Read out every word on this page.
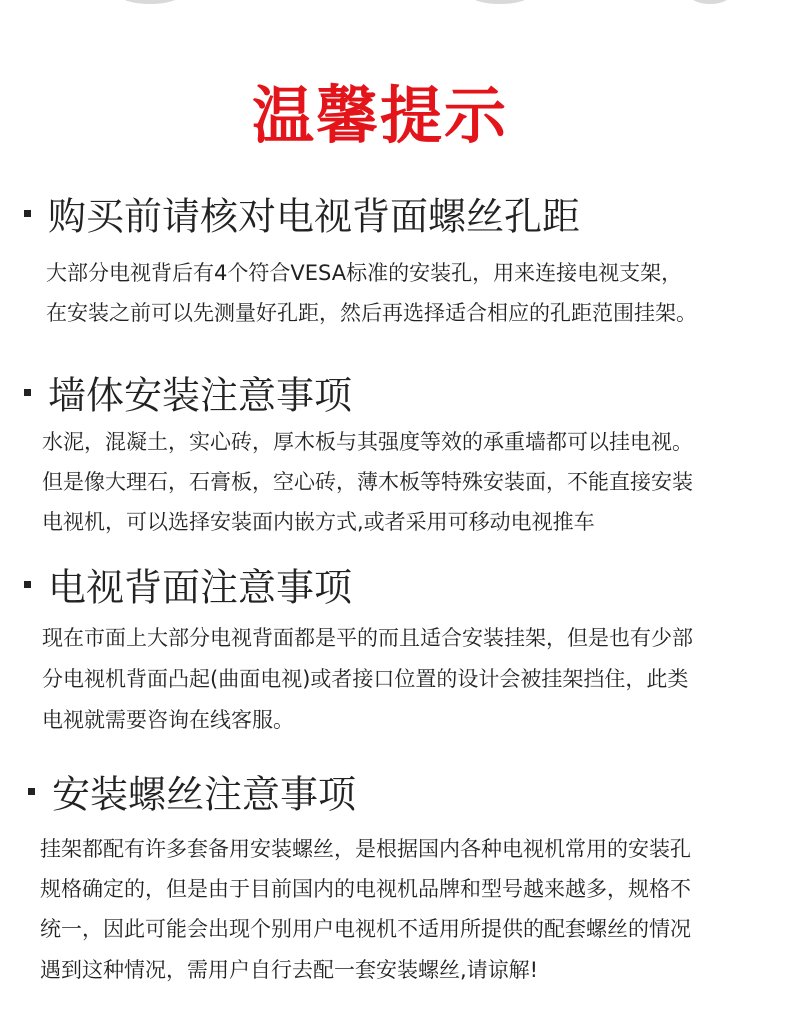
温馨提示
购买前请核对电视背面螺丝孔距
大部分电视背后有4个符合VESA标准的安装孔，用来连接电视支架，
在安装之前可以先测量好孔距，然后再选择适合相应的孔距范围挂架。
墙体安装注意事项
水泥，混凝土，实心砖，厚木板与其强度等效的承重墙都可以挂电视。
但是像大理石，石膏板，空心砖，薄木板等特殊安装面，不能直接安装
电视机，可以选择安装面内嵌方式,或者采用可移动电视推车
电视背面注意事项
现在市面上大部分电视背面都是平的而且适合安装挂架，但是也有少部
分电视机背面凸起(曲面电视)或者接口位置的设计会被挂架挡住，此类
电视就需要咨询在线客服。
安装螺丝注意事项
挂架都配有许多套备用安装螺丝，是根据国内各种电视机常用的安装孔
规格确定的，但是由于目前国内的电视机品牌和型号越来越多，规格不
统一，因此可能会出现个别用户电视机不适用所提供的配套螺丝的情况
遇到这种情况，需用户自行去配一套安装螺丝,请谅解!
